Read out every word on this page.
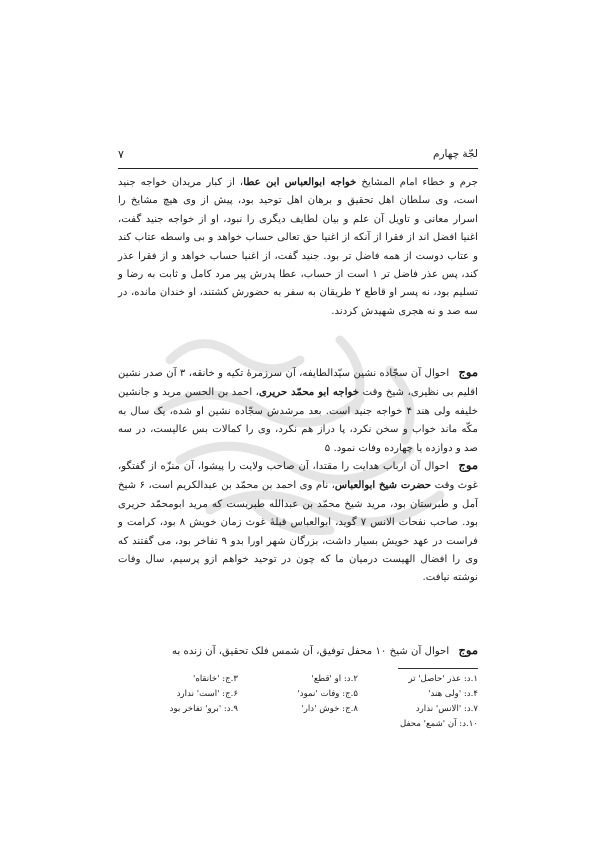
لجّة چهارم
۷

جرم و خطاء امام المشایخ خواجه ابوالعباس ابن عطا، از کبار مریدان خواجه جنید است، وی سلطان اهل تحقیق و برهان اهل توحید بود، پیش از وی هیچ مشایخ را اسرار معانی و تاویل آن علم و بیان لطایف دیگری را نبود، او از خواجه جنید گفت، اغنیا افضل اند از فقرا از آنکه از اغنیا حق تعالی حساب خواهد و بی واسطه عتاب کند و عتاب دوست از همه فاضل تر بود. جنید گفت، از اغنیا حساب خواهد و از فقرا عذر کند، پس عذر فاضل تر ۱ است از حساب، عطا پدرش پیر مرد کامل و ثابت به رضا و تسلیم بود، نه پسر او قاطع ۲ طریقان به سفر به حضورش کشتند، او خندان مانده، در سه صد و نه هجری شهیدش کردند.

موج احوال آن سجّاده نشین سیّدالطایفه، آن سرزمرهٔ تکیه و خانقه، ۳ آن صدر نشین اقلیم بی نظیری، شیخ وقت خواجه ابو محمّد حریری، احمد بن الحسن مرید و جانشین خلیفه ولی هند ۴ خواجه جنید است. بعد مرشدش سجّاده نشین او شده، یک سال به مکّه ماند خواب و سخن نکرد، پا دراز هم نکرد، وی را کمالات بس عالیست، در سه صد و دوازده یا چهارده وفات نمود. ۵

موج احوال آن ارباب هدایت را مقتدا، آن صاحب ولایت را پیشوا، آن منزّه از گفتگو، غوث وقت حضرت شیخ ابوالعباس، نام وی احمد بن محمّد بن عبدالکریم است، ۶ شیخ آمل و طبرستان بود، مرید شیخ محمّد بن عبدالله طبریست که مرید ابومحمّد حریری بود. صاحب نفحات الانس ۷ گوید، ابوالعباس قبلهٔ غوث زمان خویش ۸ بود، کرامت و فراست در عهد خویش بسیار داشت، بزرگان شهر اورا بدو ۹ تفاخر بود، می گفتند که وی را افضال الهیست درمیان ما که چون در توحید خواهم ازو پرسیم، سال وفات نوشته نیافت.

موج احوال آن شیخ ۱۰ محفل توفیق، آن شمس فلک تحقیق، آن زنده به

۱.د: عذر 'حاصل' تر
۲.د: او 'قطع'
۳.ج: 'خانقاه'
۴.د: 'ولی هند'
۵.ج: وفات 'نمود'
۶.ج: 'است' ندارد
۷.د: 'الانس' ندارد
۸.ج: خوش 'دار'
۹.د: 'برو' تفاخر بود
۱۰.د: آن 'شمع' محفل
